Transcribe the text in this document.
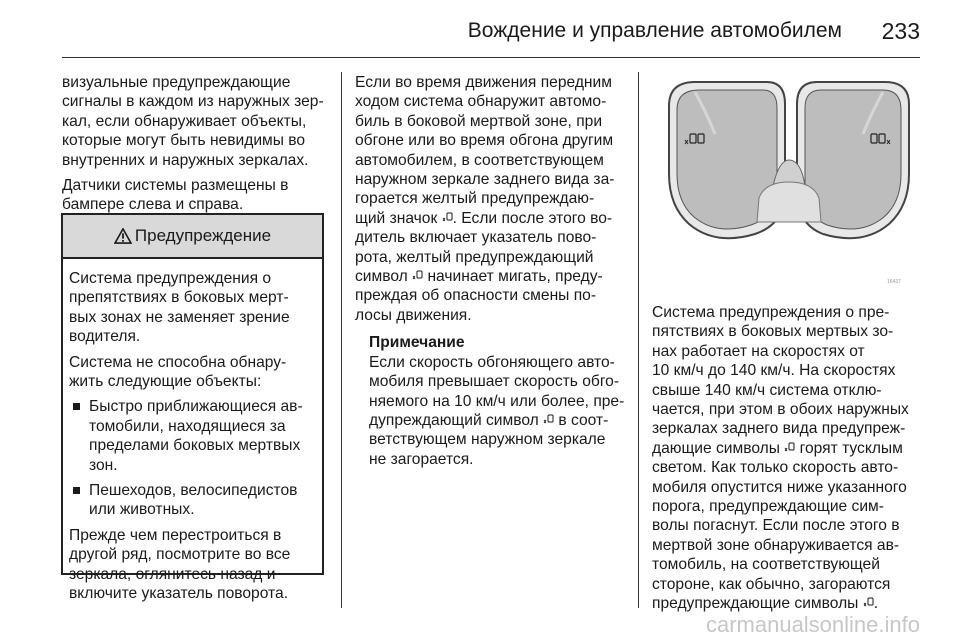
Вождение и управление автомобилем 233

визуальные предупреждающие
сигналы в каждом из наружных зер-
кал, если обнаруживает объекты,
которые могут быть невидимы во
внутренних и наружных зеркалах.

Датчики системы размещены в
бампере слева и справа.

Предупреждение

Система предупреждения о
препятствиях в боковых мерт-
вых зонах не заменяет зрение
водителя.

Система не способна обнару-
жить следующие объекты:

Быстро приближающиеся ав-
томобили, находящиеся за
пределами боковых мертвых
зон.
Пешеходов, велосипедистов
или животных.

Прежде чем перестроиться в
другой ряд, посмотрите во все
зеркала, оглянитесь назад и
включите указатель поворота.

Если во время движения передним
ходом система обнаружит автомо-
биль в боковой мертвой зоне, при
обгоне или во время обгона другим
автомобилем, в соответствующем
наружном зеркале заднего вида за-
горается желтый предупреждаю-
щий значок . Если после этого во-
дитель включает указатель пово-
рота, желтый предупреждающий
символ  начинает мигать, преду-
преждая об опасности смены по-
лосы движения.

Примечание
Если скорость обгоняющего авто-
мобиля превышает скорость обго-
няемого на 10 км/ч или более, пре-
дупреждающий символ  в соот-
ветствующем наружном зеркале
не загорается.
16437
Система предупреждения о пре-
пятствиях в боковых мертвых зо-
нах работает на скоростях от
10 км/ч до 140 км/ч. На скоростях
свыше 140 км/ч система отклю-
чается, при этом в обоих наружных
зеркалах заднего вида предупреж-
дающие символы  горят тусклым
светом. Как только скорость авто-
мобиля опустится ниже указанного
порога, предупреждающие сим-
волы погаснут. Если после этого в
мертвой зоне обнаруживается ав-
томобиль, на соответствующей
стороне, как обычно, загораются
предупреждающие символы .
carmanualsonline.info
